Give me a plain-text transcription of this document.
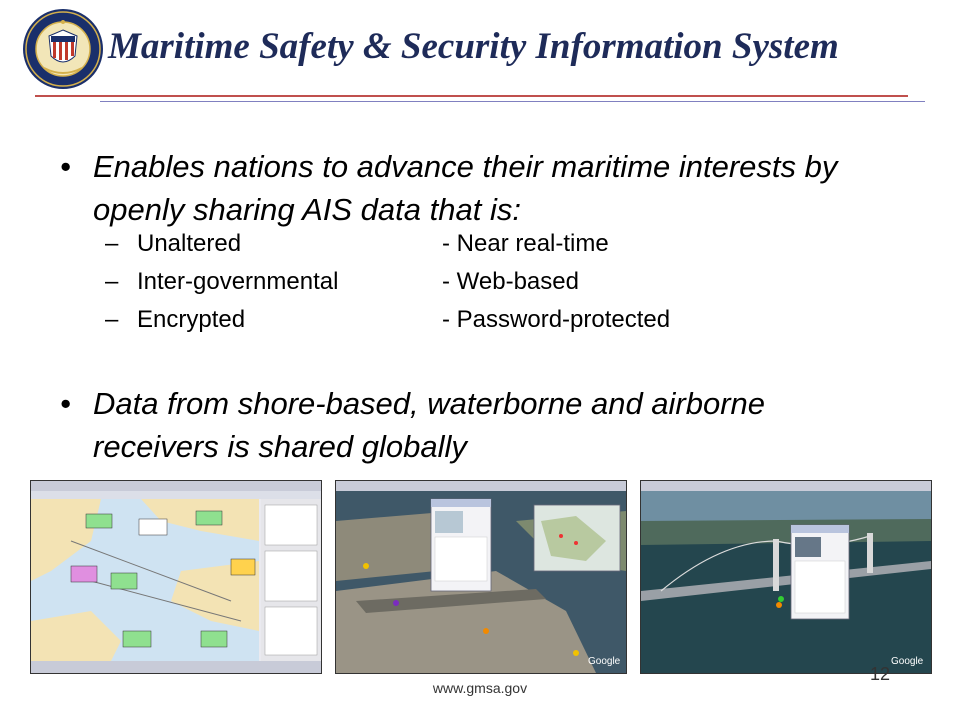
Maritime Safety & Security Information System
• Enables nations to advance their maritime interests by openly sharing AIS data that is:
– Unaltered	- Near real-time
– Inter-governmental	- Web-based
– Encrypted	- Password-protected
• Data from shore-based, waterborne and airborne receivers is shared globally
Google	Google
12
www.gmsa.gov
